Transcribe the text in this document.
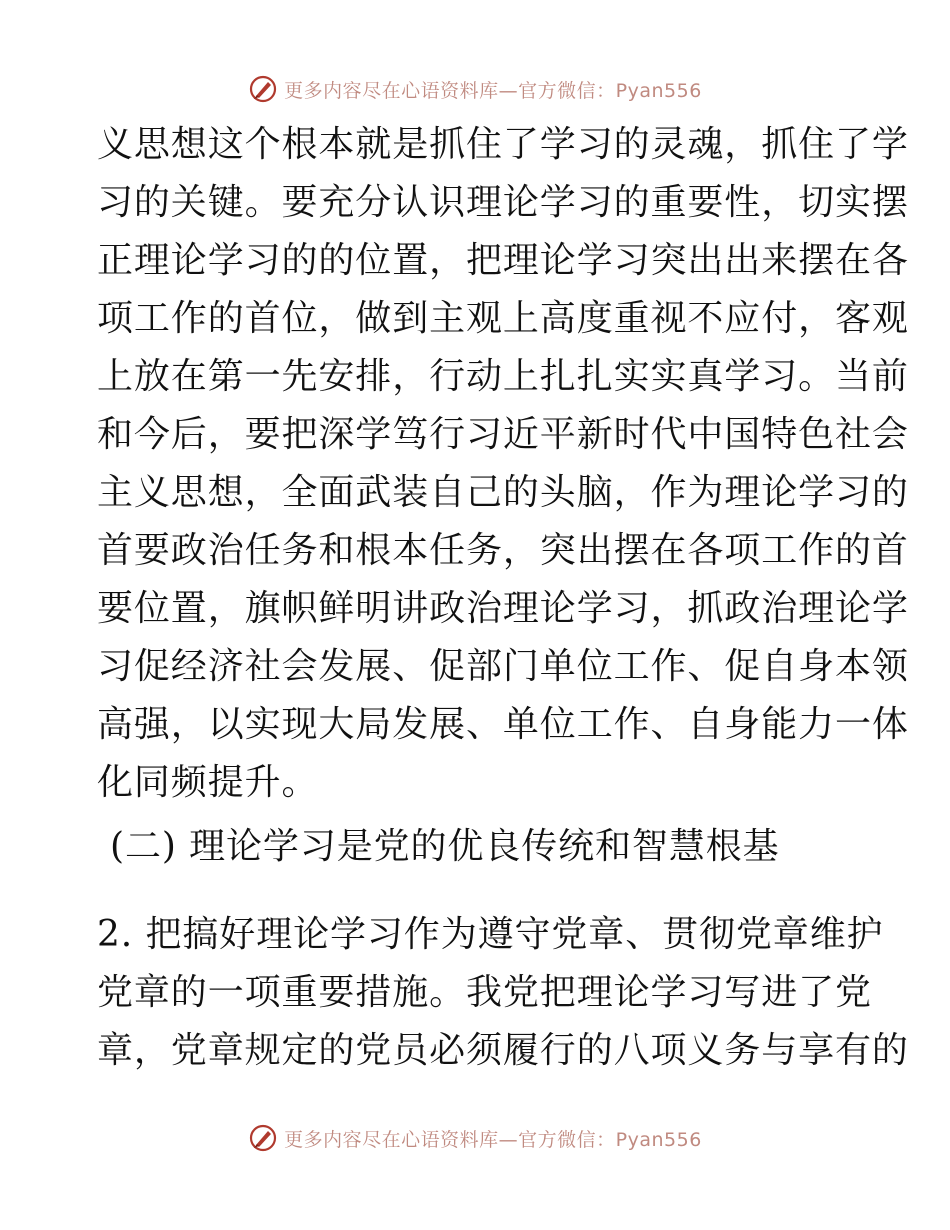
更多内容尽在心语资料库—官方微信：Pyan556
义思想这个根本就是抓住了学习的灵魂，抓住了学
习的关键。要充分认识理论学习的重要性，切实摆
正理论学习的的位置，把理论学习突出出来摆在各
项工作的首位，做到主观上高度重视不应付，客观
上放在第一先安排，行动上扎扎实实真学习。当前
和今后，要把深学笃行习近平新时代中国特色社会
主义思想，全面武装自己的头脑，作为理论学习的
首要政治任务和根本任务，突出摆在各项工作的首
要位置，旗帜鲜明讲政治理论学习，抓政治理论学
习促经济社会发展、促部门单位工作、促自身本领
高强，以实现大局发展、单位工作、自身能力一体
化同频提升。
(二) 理论学习是党的优良传统和智慧根基
2. 把搞好理论学习作为遵守党章、贯彻党章维护
党章的一项重要措施。我党把理论学习写进了党
章，党章规定的党员必须履行的八项义务与享有的
更多内容尽在心语资料库—官方微信：Pyan556
